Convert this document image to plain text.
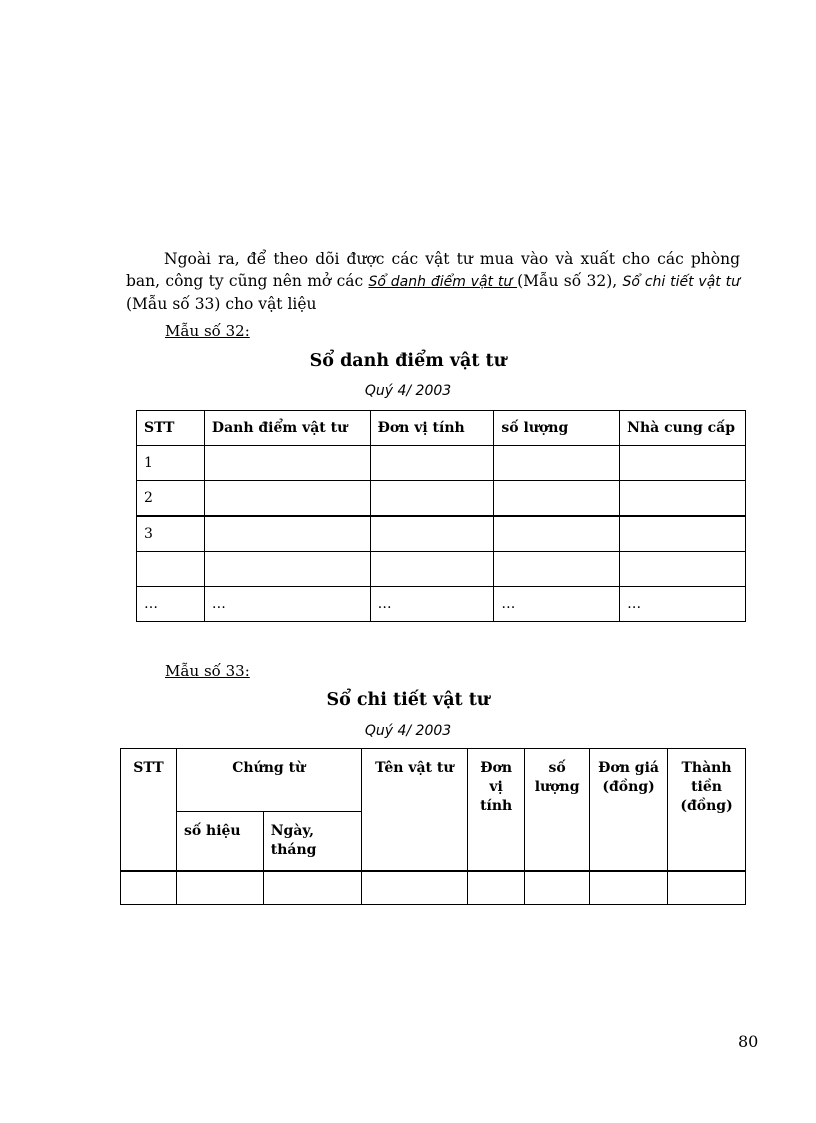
Ngoài ra, để theo dõi được các vật tư mua vào và xuất cho các phòng ban, công ty cũng nên mở các Sổ danh điểm vật tư (Mẫu số 32), Sổ chi tiết vật tư (Mẫu số 33) cho vật liệu
Mẫu số 32:
Sổ danh điểm vật tư
Quý 4/ 2003
STT	Danh điểm vật tư	Đơn vị tính	số lượng	Nhà cung cấp
1				
2				
3				

…	…	…	…	…
Mẫu số 33:
Sổ chi tiết vật tư
Quý 4/ 2003
STT	Chứng từ		Tên vật tư	Đơn vị tính	số lượng	Đơn giá (đồng)	Thành tiền (đồng)
	số hiệu	Ngày, tháng					

80
